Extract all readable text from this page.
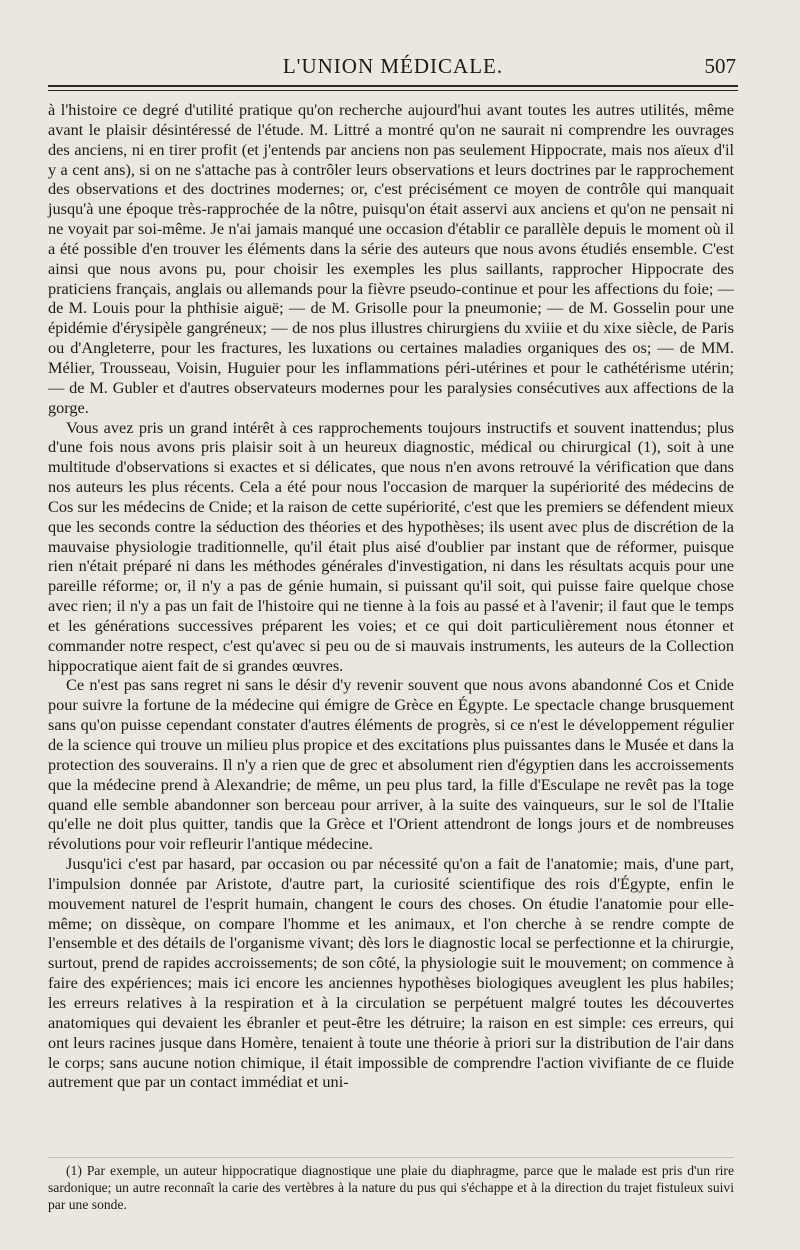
L'UNION MÉDICALE.	507

à l'histoire ce degré d'utilité pratique qu'on recherche aujourd'hui avant toutes les autres utilités, même avant le plaisir désintéressé de l'étude. M. Littré a montré qu'on ne saurait ni comprendre les ouvrages des anciens, ni en tirer profit (et j'entends par anciens non pas seulement Hippocrate, mais nos aïeux d'il y a cent ans), si on ne s'attache pas à contrôler leurs observations et leurs doctrines par le rapprochement des observations et des doctrines modernes; or, c'est précisément ce moyen de contrôle qui manquait jusqu'à une époque très-rapprochée de la nôtre, puisqu'on était asservi aux anciens et qu'on ne pensait ni ne voyait par soi-même. Je n'ai jamais manqué une occasion d'établir ce parallèle depuis le moment où il a été possible d'en trouver les éléments dans la série des auteurs que nous avons étudiés ensemble. C'est ainsi que nous avons pu, pour choisir les exemples les plus saillants, rapprocher Hippocrate des praticiens français, anglais ou allemands pour la fièvre pseudo-continue et pour les affections du foie; — de M. Louis pour la phthisie aiguë; — de M. Grisolle pour la pneumonie; — de M. Gosselin pour une épidémie d'érysipèle gangréneux; — de nos plus illustres chirurgiens du xviiie et du xixe siècle, de Paris ou d'Angleterre, pour les fractures, les luxations ou certaines maladies organiques des os; — de MM. Mélier, Trousseau, Voisin, Huguier pour les inflammations péri-utérines et pour le cathétérisme utérin; — de M. Gubler et d'autres observateurs modernes pour les paralysies consécutives aux affections de la gorge.

Vous avez pris un grand intérêt à ces rapprochements toujours instructifs et souvent inattendus; plus d'une fois nous avons pris plaisir soit à un heureux diagnostic, médical ou chirurgical (1), soit à une multitude d'observations si exactes et si délicates, que nous n'en avons retrouvé la vérification que dans nos auteurs les plus récents. Cela a été pour nous l'occasion de marquer la supériorité des médecins de Cos sur les médecins de Cnide; et la raison de cette supériorité, c'est que les premiers se défendent mieux que les seconds contre la séduction des théories et des hypothèses; ils usent avec plus de discrétion de la mauvaise physiologie traditionnelle, qu'il était plus aisé d'oublier par instant que de réformer, puisque rien n'était préparé ni dans les méthodes générales d'investigation, ni dans les résultats acquis pour une pareille réforme; or, il n'y a pas de génie humain, si puissant qu'il soit, qui puisse faire quelque chose avec rien; il n'y a pas un fait de l'histoire qui ne tienne à la fois au passé et à l'avenir; il faut que le temps et les générations successives préparent les voies; et ce qui doit particulièrement nous étonner et commander notre respect, c'est qu'avec si peu ou de si mauvais instruments, les auteurs de la Collection hippocratique aient fait de si grandes œuvres.

Ce n'est pas sans regret ni sans le désir d'y revenir souvent que nous avons abandonné Cos et Cnide pour suivre la fortune de la médecine qui émigre de Grèce en Égypte. Le spectacle change brusquement sans qu'on puisse cependant constater d'autres éléments de progrès, si ce n'est le développement régulier de la science qui trouve un milieu plus propice et des excitations plus puissantes dans le Musée et dans la protection des souverains. Il n'y a rien que de grec et absolument rien d'égyptien dans les accroissements que la médecine prend à Alexandrie; de même, un peu plus tard, la fille d'Esculape ne revêt pas la toge quand elle semble abandonner son berceau pour arriver, à la suite des vainqueurs, sur le sol de l'Italie qu'elle ne doit plus quitter, tandis que la Grèce et l'Orient attendront de longs jours et de nombreuses révolutions pour voir refleurir l'antique médecine.

Jusqu'ici c'est par hasard, par occasion ou par nécessité qu'on a fait de l'anatomie; mais, d'une part, l'impulsion donnée par Aristote, d'autre part, la curiosité scientifique des rois d'Égypte, enfin le mouvement naturel de l'esprit humain, changent le cours des choses. On étudie l'anatomie pour elle-même; on dissèque, on compare l'homme et les animaux, et l'on cherche à se rendre compte de l'ensemble et des détails de l'organisme vivant; dès lors le diagnostic local se perfectionne et la chirurgie, surtout, prend de rapides accroissements; de son côté, la physiologie suit le mouvement; on commence à faire des expériences; mais ici encore les anciennes hypothèses biologiques aveuglent les plus habiles; les erreurs relatives à la respiration et à la circulation se perpétuent malgré toutes les découvertes anatomiques qui devaient les ébranler et peut-être les détruire; la raison en est simple: ces erreurs, qui ont leurs racines jusque dans Homère, tenaient à toute une théorie à priori sur la distribution de l'air dans le corps; sans aucune notion chimique, il était impossible de comprendre l'action vivifiante de ce fluide autrement que par un contact immédiat et uni-

(1) Par exemple, un auteur hippocratique diagnostique une plaie du diaphragme, parce que le malade est pris d'un rire sardonique; un autre reconnaît la carie des vertèbres à la nature du pus qui s'échappe et à la direction du trajet fistuleux suivi par une sonde.
